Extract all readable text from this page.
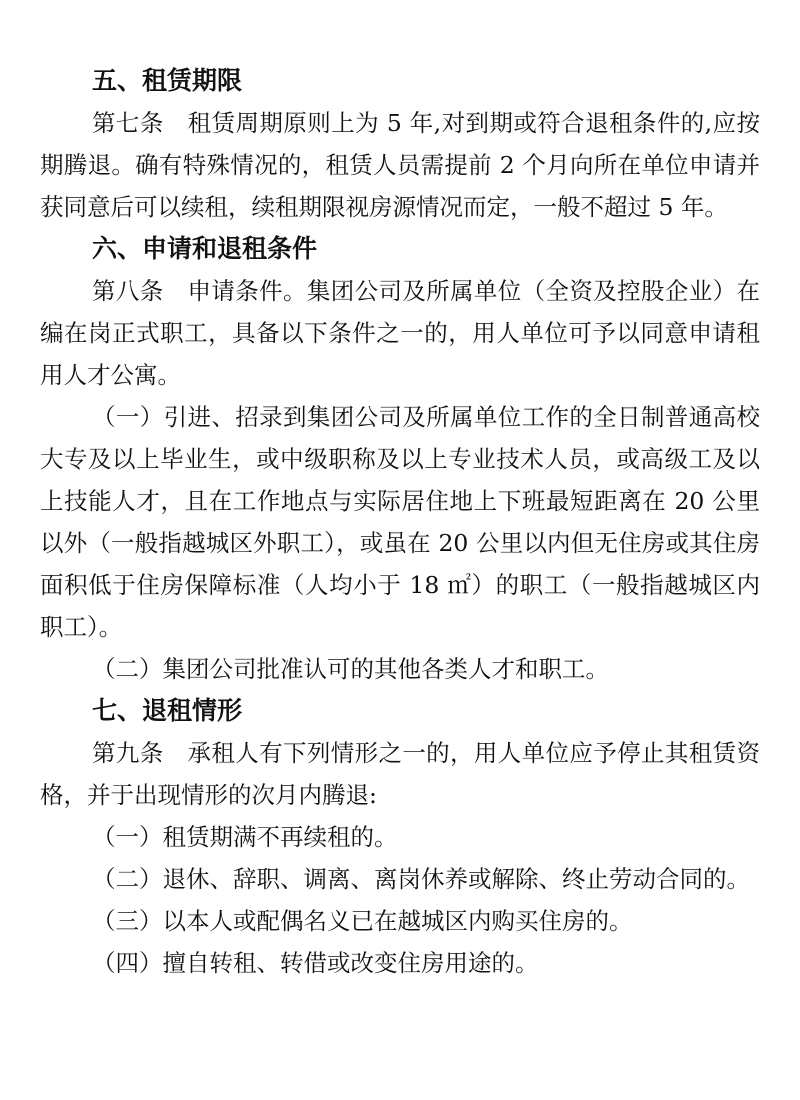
五、租赁期限

第七条　租赁周期原则上为 5 年,对到期或符合退租条件的,应按期腾退。确有特殊情况的，租赁人员需提前 2 个月向所在单位申请并获同意后可以续租，续租期限视房源情况而定，一般不超过 5 年。

六、申请和退租条件

第八条　申请条件。集团公司及所属单位（全资及控股企业）在编在岗正式职工，具备以下条件之一的，用人单位可予以同意申请租用人才公寓。

（一）引进、招录到集团公司及所属单位工作的全日制普通高校大专及以上毕业生，或中级职称及以上专业技术人员，或高级工及以上技能人才，且在工作地点与实际居住地上下班最短距离在 20 公里以外（一般指越城区外职工），或虽在 20 公里以内但无住房或其住房面积低于住房保障标准（人均小于 18 ㎡）的职工（一般指越城区内职工）。

（二）集团公司批准认可的其他各类人才和职工。

七、退租情形

第九条　承租人有下列情形之一的，用人单位应予停止其租赁资格，并于出现情形的次月内腾退:

（一）租赁期满不再续租的。

（二）退休、辞职、调离、离岗休养或解除、终止劳动合同的。

（三）以本人或配偶名义已在越城区内购买住房的。

（四）擅自转租、转借或改变住房用途的。
